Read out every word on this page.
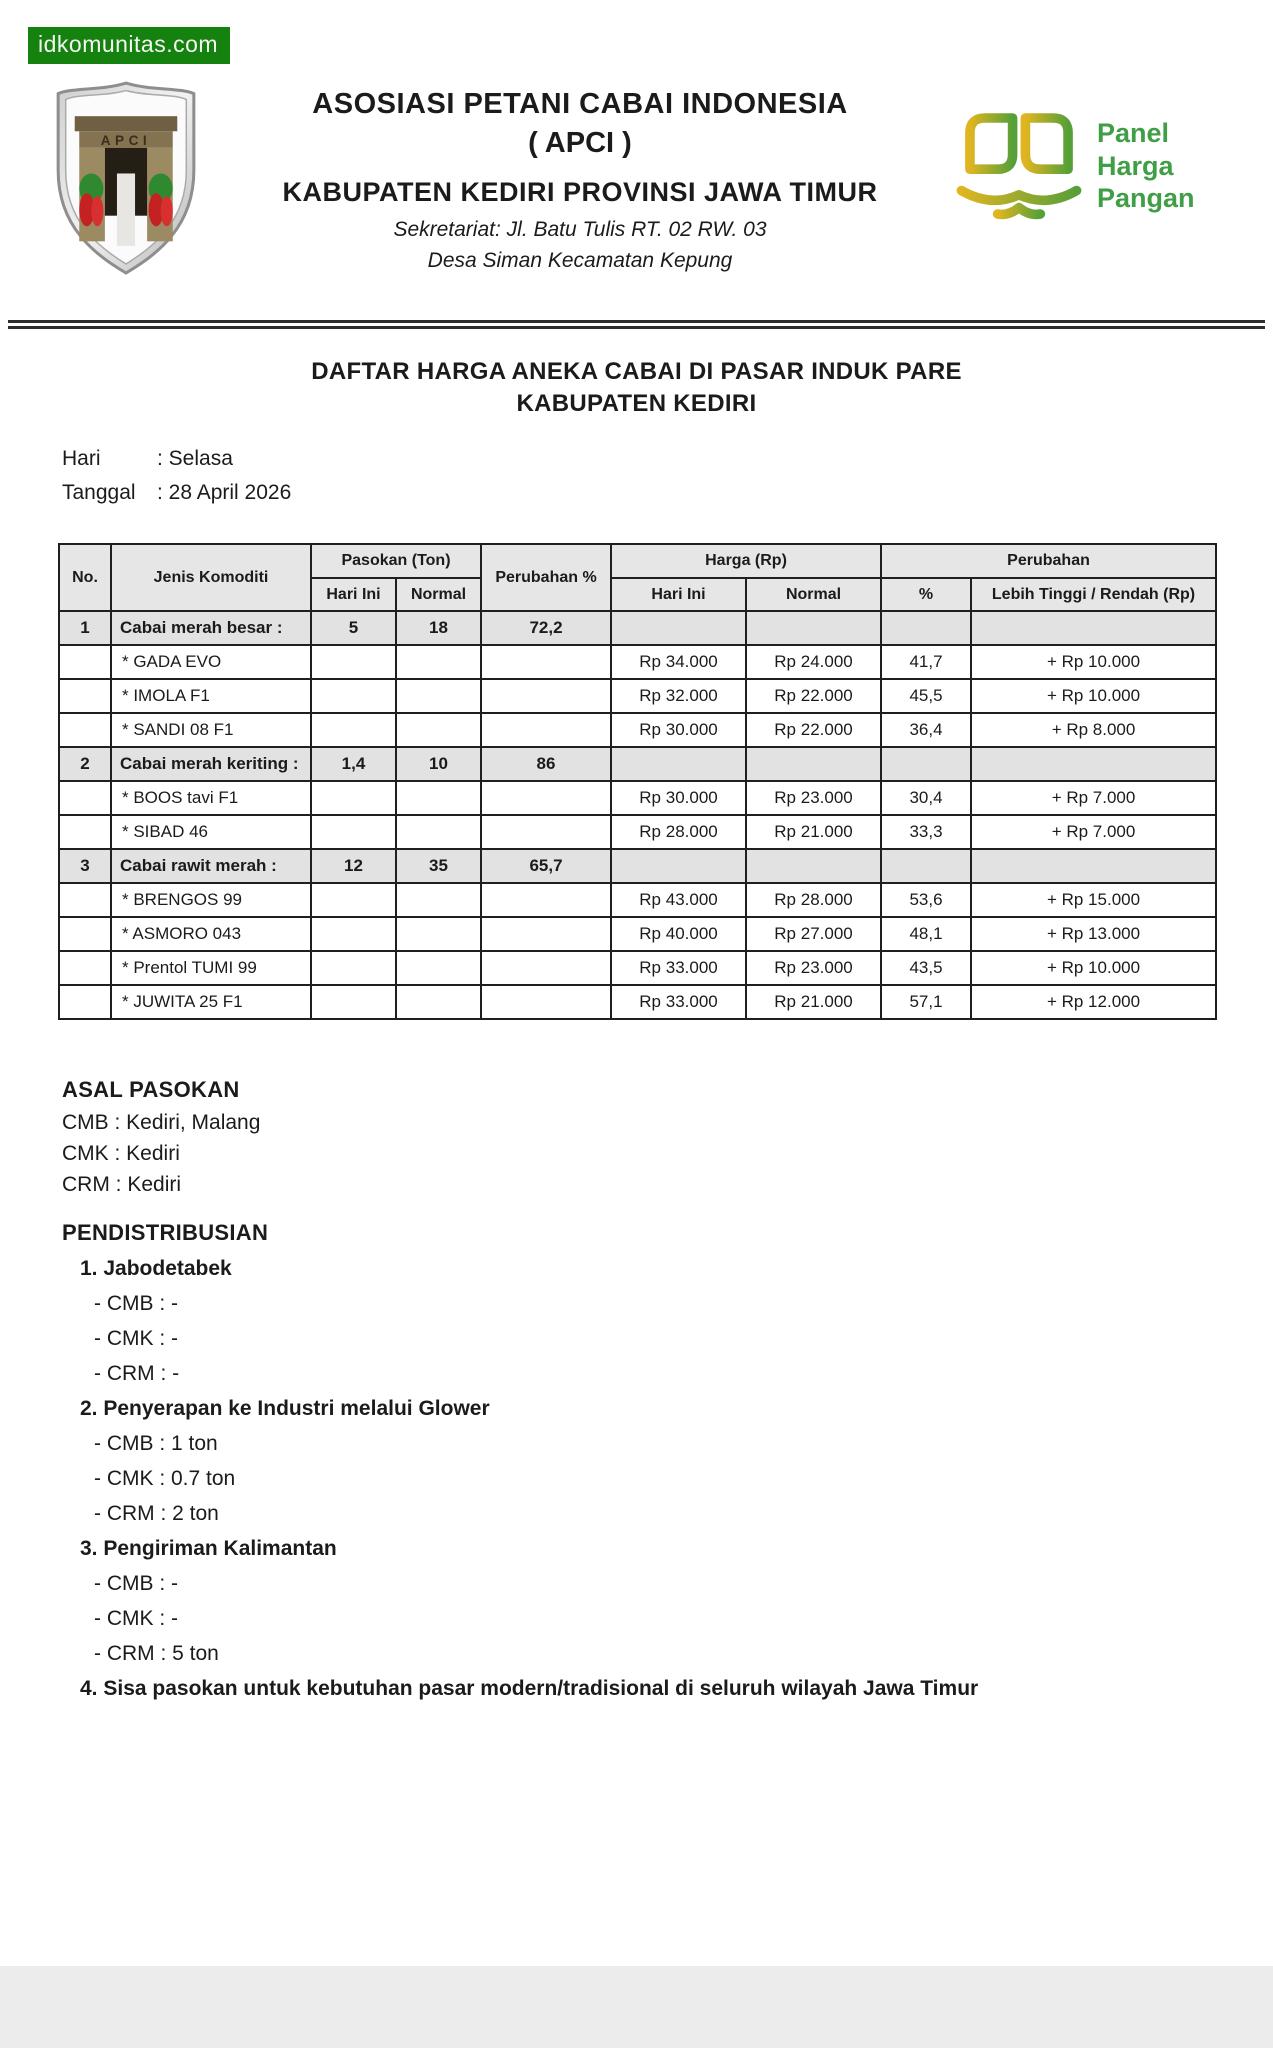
idkomunitas.com
APCI
ASOSIASI PETANI CABAI INDONESIA
( APCI )
KABUPATEN KEDIRI PROVINSI JAWA TIMUR
Sekretariat: Jl. Batu Tulis RT. 02 RW. 03
Desa Siman Kecamatan Kepung
Panel
Harga
Pangan
DAFTAR HARGA ANEKA CABAI DI PASAR INDUK PARE
KABUPATEN KEDIRI
Hari	: Selasa
Tanggal	: 28 April 2026
No.	Jenis Komoditi	Pasokan (Ton)		Perubahan %	Harga (Rp)		Perubahan	
		Hari Ini	Normal		Hari Ini	Normal	%	Lebih Tinggi / Rendah (Rp)
1	Cabai merah besar :	5	18	72,2				
	* GADA EVO				Rp 34.000	Rp 24.000	41,7	+ Rp 10.000
	* IMOLA F1				Rp 32.000	Rp 22.000	45,5	+ Rp 10.000
	* SANDI 08 F1				Rp 30.000	Rp 22.000	36,4	+ Rp 8.000
2	Cabai merah keriting :	1,4	10	86				
	* BOOS tavi F1				Rp 30.000	Rp 23.000	30,4	+ Rp 7.000
	* SIBAD 46				Rp 28.000	Rp 21.000	33,3	+ Rp 7.000
3	Cabai rawit merah :	12	35	65,7				
	* BRENGOS 99				Rp 43.000	Rp 28.000	53,6	+ Rp 15.000
	* ASMORO 043				Rp 40.000	Rp 27.000	48,1	+ Rp 13.000
	* Prentol TUMI 99				Rp 33.000	Rp 23.000	43,5	+ Rp 10.000
	* JUWITA 25 F1				Rp 33.000	Rp 21.000	57,1	+ Rp 12.000
ASAL PASOKAN
CMB : Kediri, Malang
CMK : Kediri
CRM : Kediri
PENDISTRIBUSIAN
1. Jabodetabek
- CMB : -
- CMK : -
- CRM : -
2. Penyerapan ke Industri melalui Glower
- CMB : 1 ton
- CMK : 0.7 ton
- CRM : 2 ton
3. Pengiriman Kalimantan
- CMB : -
- CMK : -
- CRM : 5 ton
4. Sisa pasokan untuk kebutuhan pasar modern/tradisional di seluruh wilayah Jawa Timur
